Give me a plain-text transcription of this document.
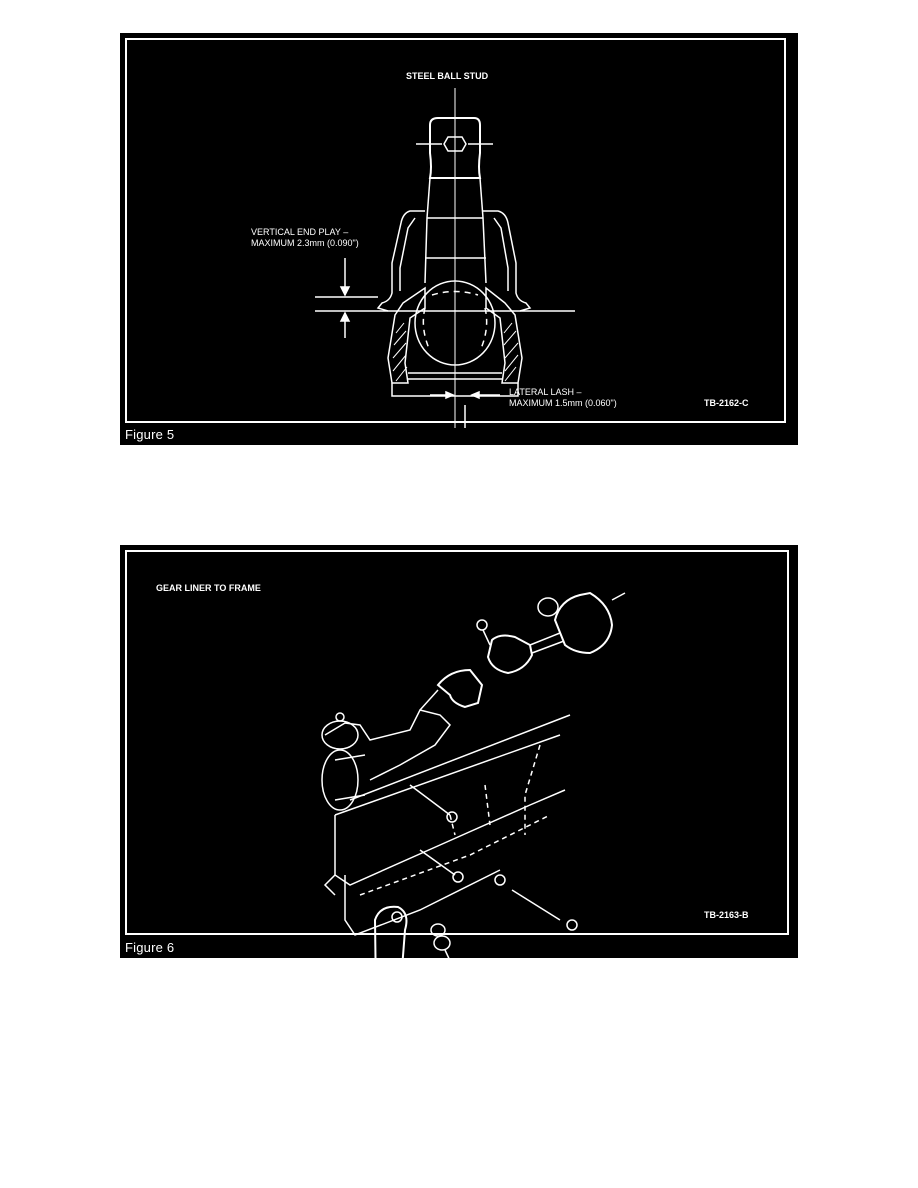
STEEL BALL STUD
VERTICAL END PLAY –
MAXIMUM 2.3mm (0.090")
LATERAL LASH –
MAXIMUM 1.5mm (0.060")	TB-2162-C
Figure 5
GEAR LINER TO FRAME
TB-2163-B
Figure 6
